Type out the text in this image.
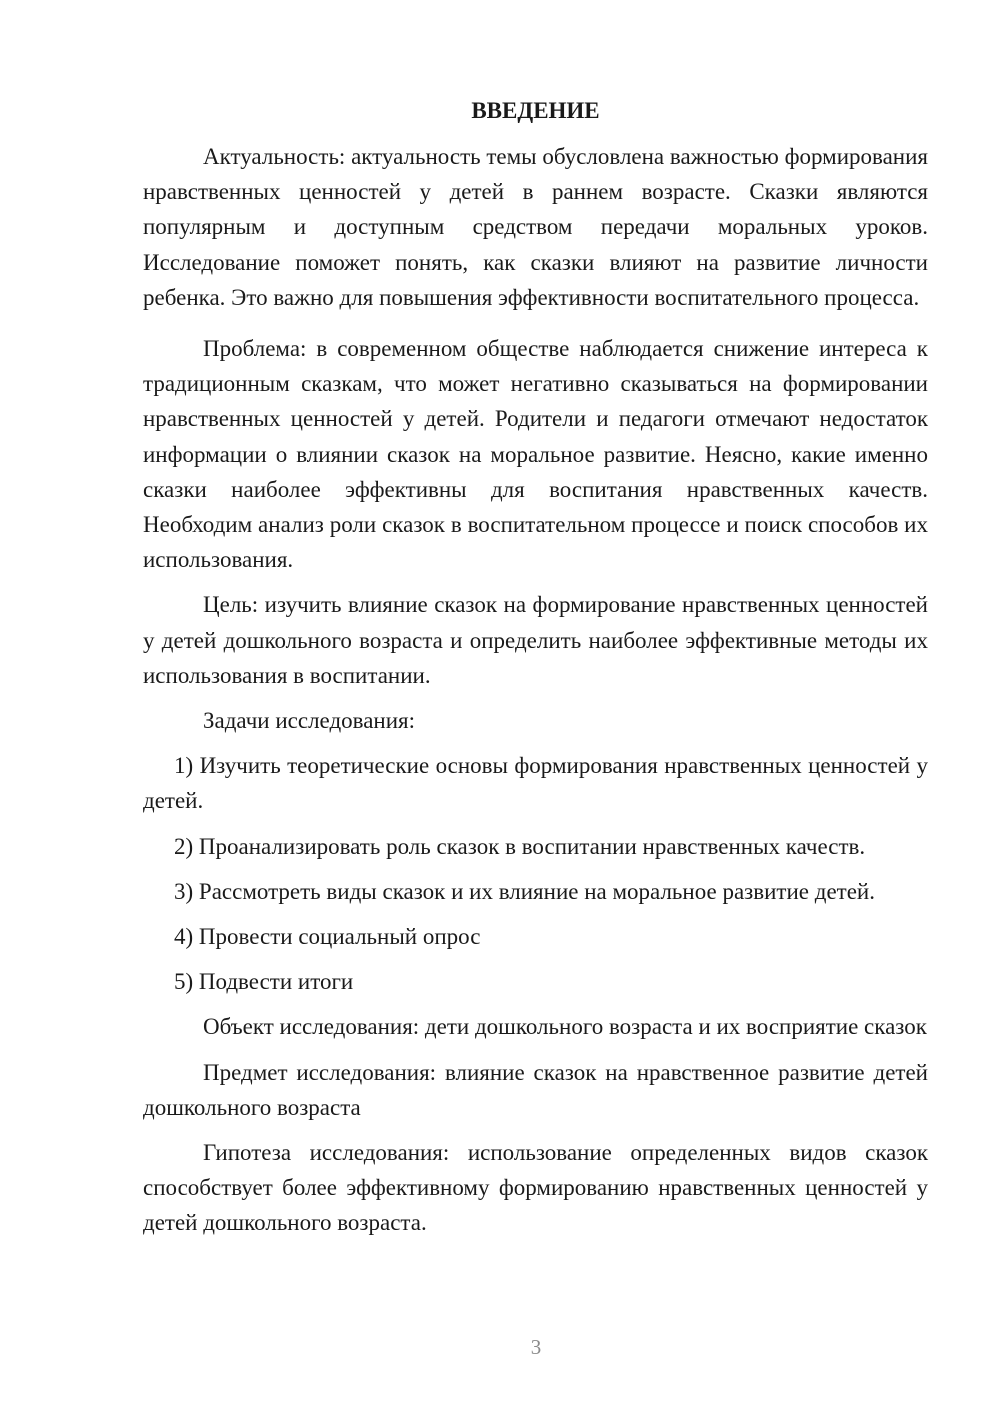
ВВЕДЕНИЕ

Актуальность: актуальность темы обусловлена важностью формирования нравственных ценностей у детей в раннем возрасте. Сказки являются популярным и доступным средством передачи моральных уроков. Исследование поможет понять, как сказки влияют на развитие личности ребенка. Это важно для повышения эффективности воспитательного процесса.

Проблема: в современном обществе наблюдается снижение интереса к традиционным сказкам, что может негативно сказываться на формировании нравственных ценностей у детей. Родители и педагоги отмечают недостаток информации о влиянии сказок на моральное развитие. Неясно, какие именно сказки наиболее эффективны для воспитания нравственных качеств. Необходим анализ роли сказок в воспитательном процессе и поиск способов их использования.

Цель: изучить влияние сказок на формирование нравственных ценностей у детей дошкольного возраста и определить наиболее эффективные методы их использования в воспитании.

Задачи исследования:

1) Изучить теоретические основы формирования нравственных ценностей у детей.

2) Проанализировать роль сказок в воспитании нравственных качеств.

3) Рассмотреть виды сказок и их влияние на моральное развитие детей.

4) Провести социальный опрос

5) Подвести итоги

Объект исследования: дети дошкольного возраста и их восприятие сказок

Предмет исследования: влияние сказок на нравственное развитие детей дошкольного возраста

Гипотеза исследования: использование определенных видов сказок способствует более эффективному формированию нравственных ценностей у детей дошкольного возраста.

3
